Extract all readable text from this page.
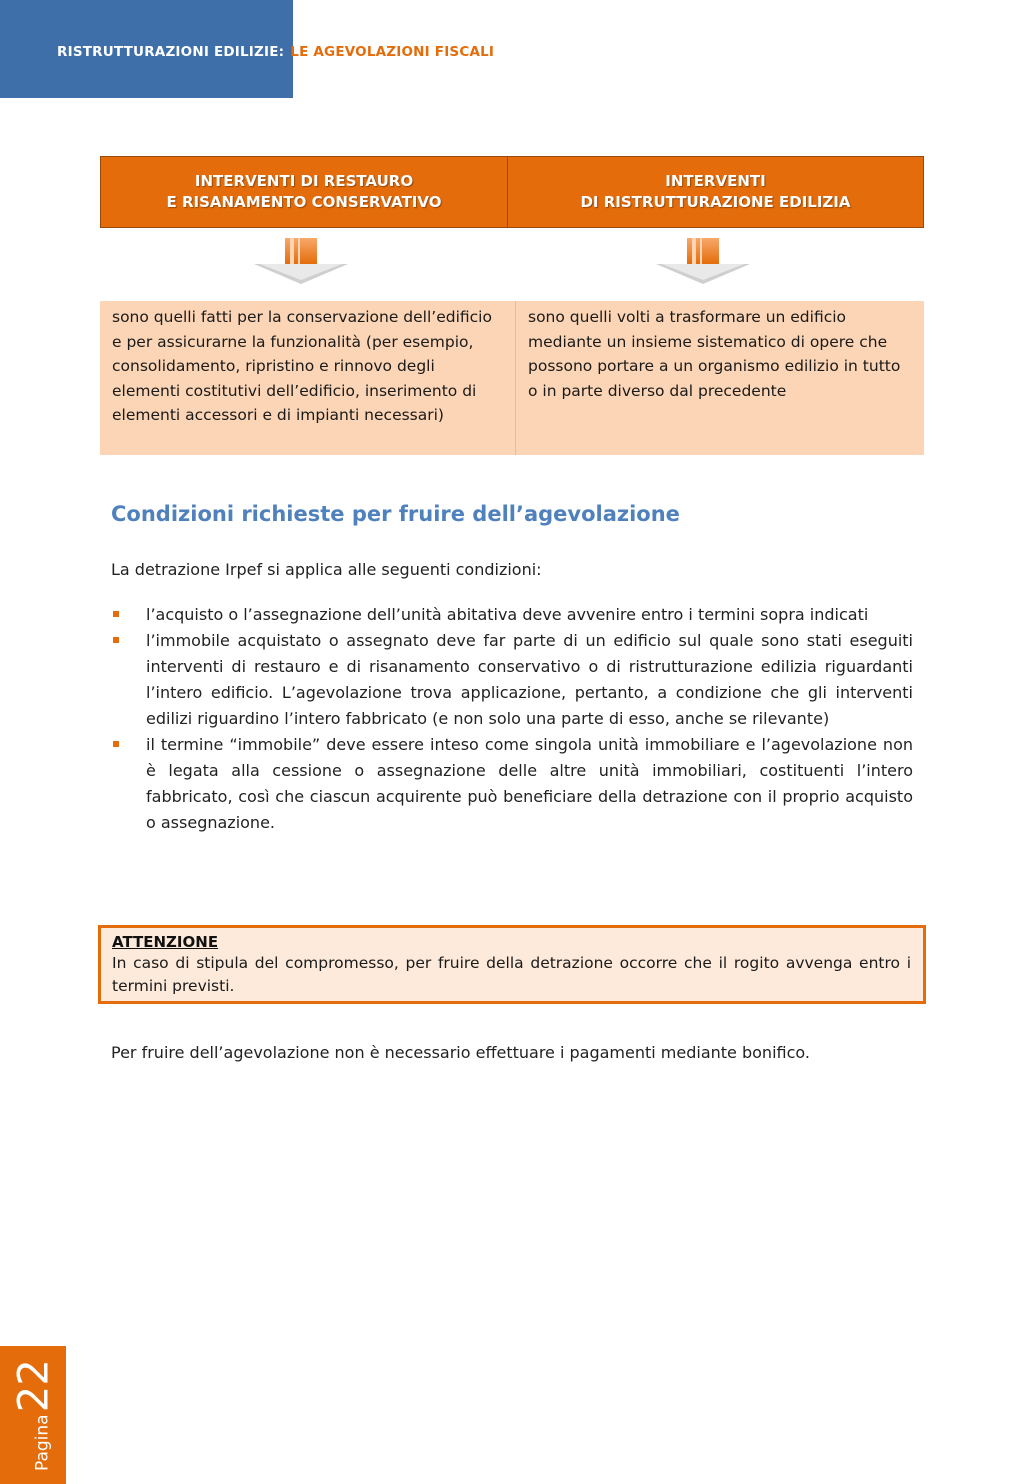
RISTRUTTURAZIONI EDILIZIE: LE AGEVOLAZIONI FISCALI
INTERVENTI DI RESTAURO
E RISANAMENTO CONSERVATIVO
INTERVENTI
DI RISTRUTTURAZIONE EDILIZIA
sono quelli fatti per la conservazione dell’edificio e per assicurarne la funzionalità (per esempio, consolidamento, ripristino e rinnovo degli elementi costitutivi dell’edificio, inserimento di elementi accessori e di impianti necessari)
sono quelli volti a trasformare un edificio mediante un insieme sistematico di opere che possono portare a un organismo edilizio in tutto o in parte diverso dal precedente
Condizioni richieste per fruire dell’agevolazione
La detrazione Irpef si applica alle seguenti condizioni:
l’acquisto o l’assegnazione dell’unità abitativa deve avvenire entro i termini sopra indicati
l’immobile acquistato o assegnato deve far parte di un edificio sul quale sono stati eseguiti interventi di restauro e di risanamento conservativo o di ristrutturazione edilizia riguardanti l’intero edificio. L’agevolazione trova applicazione, pertanto, a condizione che gli interventi edilizi riguardino l’intero fabbricato (e non solo una parte di esso, anche se rilevante)
il termine “immobile” deve essere inteso come singola unità immobiliare e l’agevolazione non è legata alla cessione o assegnazione delle altre unità immobiliari, costituenti l’intero fabbricato, così che ciascun acquirente può beneficiare della detrazione con il proprio acquisto o assegnazione.
ATTENZIONE
In caso di stipula del compromesso, per fruire della detrazione occorre che il rogito avvenga entro i termini previsti.
Per fruire dell’agevolazione non è necessario effettuare i pagamenti mediante bonifico.
Pagina
22
